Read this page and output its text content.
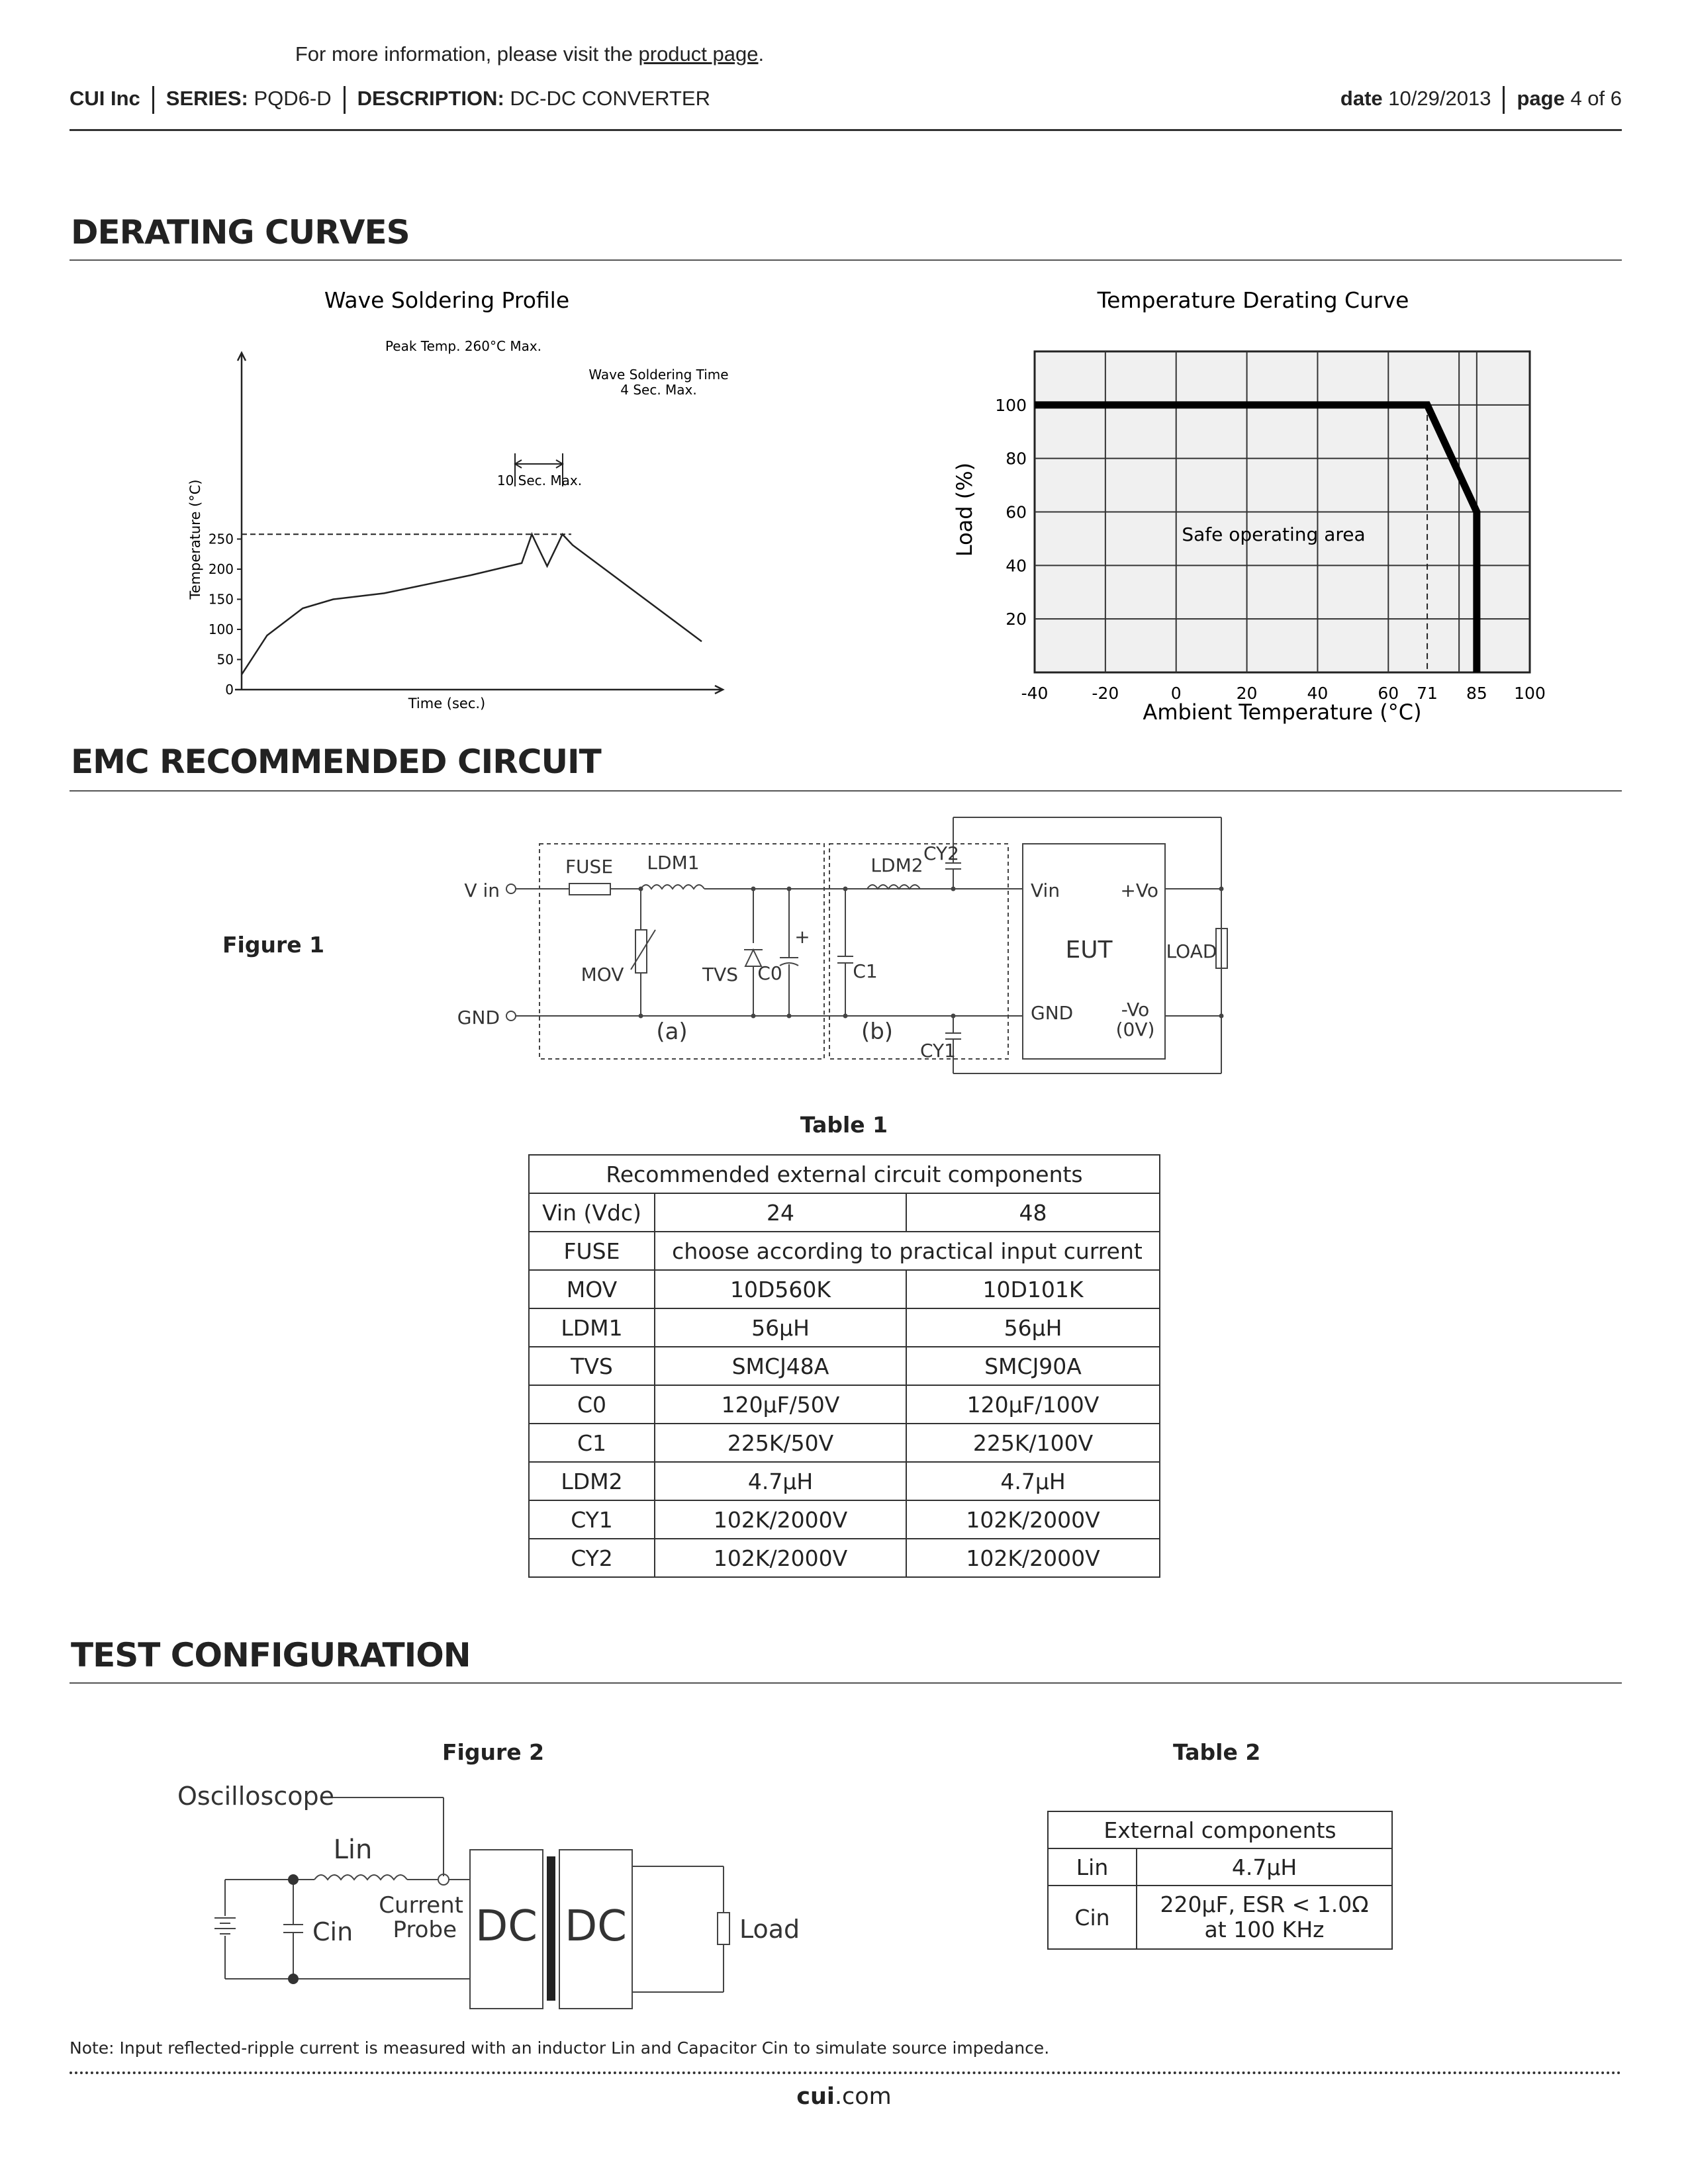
For more information, please visit the product page.
CUI Inc SERIES: PQD6-D DESCRIPTION: DC-DC CONVERTER	date 10/29/2013 page 4 of 6
DERATING CURVES
Wave Soldering Profile
0
50
100
150
200
250
10 Sec. Max.
Peak Temp. 260°C Max.
Wave Soldering Time
4 Sec. Max.
Time (sec.)
Temperature (°C)
Temperature Derating Curve
Safe operating area
-40	-20	0	20	40	60 71 85 100
20
40
60
80
100
Ambient Temperature (°C)
Load (%)
EMC RECOMMENDED CIRCUIT
Figure 1
V in
GND
FUSE LDM1
MOV	TVS C0
+
LDM2
CY2
C1
CY1
(a)	(b)
Vin	+Vo
EUT	LOAD
GND	-Vo
(0V)
Table 1
Recommended external circuit components		
Vin (Vdc)	24	48
FUSE	choose according to practical input current	
MOV	10D560K	10D101K
LDM1	56µH	56µH
TVS	SMCJ48A	SMCJ90A
C0	120µF/50V	120µF/100V
C1	225K/50V	225K/100V
LDM2	4.7µH	4.7µH
CY1	102K/2000V	102K/2000V
CY2	102K/2000V	102K/2000V
TEST CONFIGURATION
Figure 2	Table 2
Oscilloscope
Lin
Cin
Current
Probe DC DC	Load
External components	
Lin	4.7µH
Cin	220µF, ESR < 1.0Ω
at 100 KHz
Note: Input reflected-ripple current is measured with an inductor Lin and Capacitor Cin to simulate source impedance.
cui.com
